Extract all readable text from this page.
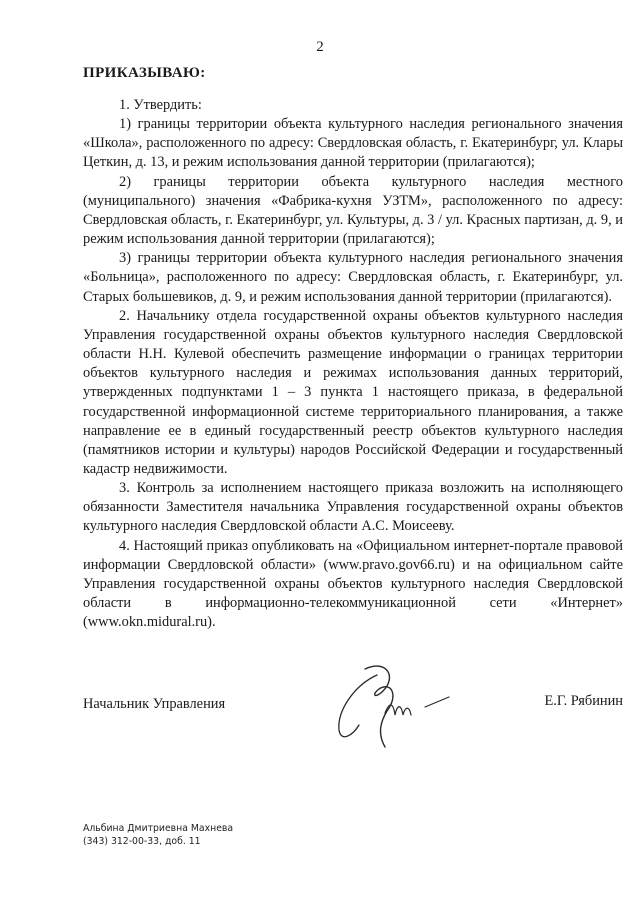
2
ПРИКАЗЫВАЮ:

1. Утвердить:

1) границы территории объекта культурного наследия регионального значения «Школа», расположенного по адресу: Свердловская область, г. Екатеринбург, ул. Клары Цеткин, д. 13, и режим использования данной территории (прилагаются);

2) границы территории объекта культурного наследия местного (муниципального) значения «Фабрика-кухня УЗТМ», расположенного по адресу: Свердловская область, г. Екатеринбург, ул. Культуры, д. 3 / ул. Красных партизан, д. 9, и режим использования данной территории (прилагаются);

3) границы территории объекта культурного наследия регионального значения «Больница», расположенного по адресу: Свердловская область, г. Екатеринбург, ул. Старых большевиков, д. 9, и режим использования данной территории (прилагаются).

2. Начальнику отдела государственной охраны объектов культурного наследия Управления государственной охраны объектов культурного наследия Свердловской области Н.Н. Кулевой обеспечить размещение информации о границах территории объектов культурного наследия и режимах использования данных территорий, утвержденных подпунктами 1 – 3 пункта 1 настоящего приказа, в федеральной государственной информационной системе территориального планирования, а также направление ее в единый государственный реестр объектов культурного наследия (памятников истории и культуры) народов Российской Федерации и государственный кадастр недвижимости.

3. Контроль за исполнением настоящего приказа возложить на исполняющего обязанности Заместителя начальника Управления государственной охраны объектов культурного наследия Свердловской области А.С. Моисееву.

4. Настоящий приказ опубликовать на «Официальном интернет-портале правовой информации Свердловской области» (www.pravo.gov66.ru) и на официальном сайте Управления государственной охраны объектов культурного наследия Свердловской области в информационно-телекоммуникационной сети «Интернет» (www.okn.midural.ru).

Начальник Управления	Е.Г. Рябинин
Альбина Дмитриевна Махнева
(343) 312-00-33, доб. 11
